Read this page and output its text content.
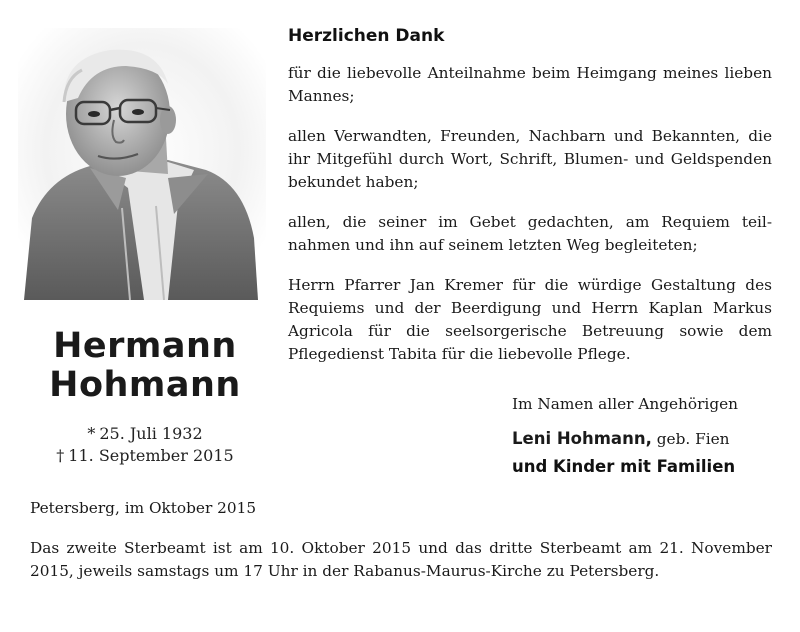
Hermann
Hohmann
* 25. Juli 1932
† 11. September 2015
Herzlichen Dank
für die liebevolle Anteilnahme beim Heimgang meines lieben Mannes;
allen Verwandten, Freunden, Nachbarn und Bekannten, die ihr Mitgefühl durch Wort, Schrift, Blumen- und Geldspenden bekundet haben;
allen, die seiner im Gebet gedachten, am Requiem teil-nahmen und ihn auf seinem letzten Weg begleiteten;
Herrn Pfarrer Jan Kremer für die würdige Gestaltung des Requiems und der Beerdigung und Herrn Kaplan Markus Agricola für die seelsorgerische Betreuung sowie dem Pflegedienst Tabita für die liebevolle Pflege.
Im Namen aller Angehörigen
Leni Hohmann, geb. Fien
und Kinder mit Familien
Petersberg, im Oktober 2015
Das zweite Sterbeamt ist am 10. Oktober 2015 und das dritte Sterbeamt am 21. November 2015, jeweils samstags um 17 Uhr in der Rabanus-Maurus-Kirche zu Petersberg.
